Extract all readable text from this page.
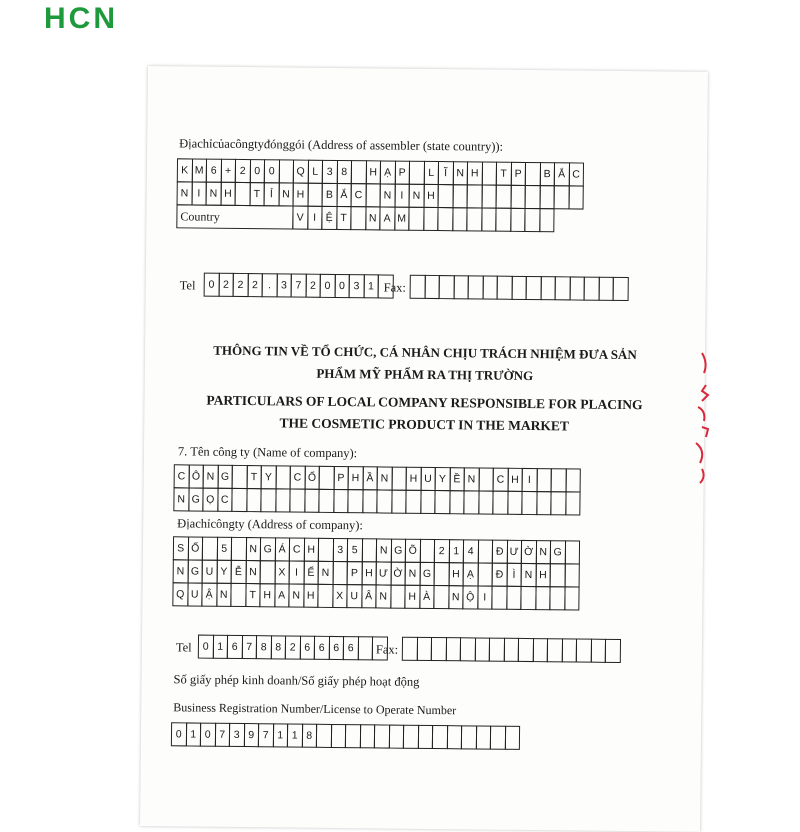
HCN
Địachỉcủacôngtyđónggói (Address of assembler (state country)):
K M 6 + 2 0 0	Q L 3 8	H Ạ P	L Ĩ N H	T P	B Ắ C
N I N H	T Ỉ N H	B Ắ C	N I N H
Country	V I Ệ T	N A M
Tel	0 2 2 2 . 3 7 2 0 0 3 1 Fax:
THÔNG TIN VỀ TỔ CHỨC, CÁ NHÂN CHỊU TRÁCH NHIỆM ĐƯA SẢN
PHẨM MỸ PHẨM RA THỊ TRƯỜNG
PARTICULARS OF LOCAL COMPANY RESPONSIBLE FOR PLACING
THE COSMETIC PRODUCT IN THE MARKET
7. Tên công ty (Name of company):
C Ô N G	T Y	C Ổ	P H Ầ N	H U Y Ề N	C H I
N G Ọ C
Địachỉcôngty (Address of company):
S Ố	5	N G Á C H	3 5	N G Õ	2 1 4	Đ Ư Ờ N G
N G U Y Ễ N	X I Ể N	P H Ư Ờ N G	H Ạ	Đ Ì N H
Q U Ậ N	T H A N H	X U Â N	H À	N Ộ I
Tel	0 1 6 7 8 8 2 6 6 6 6	Fax:
Số giấy phép kinh doanh/Số giấy phép hoạt động
Business Registration Number/License to Operate Number
0 1 0 7 3 9 7 1 1 8
